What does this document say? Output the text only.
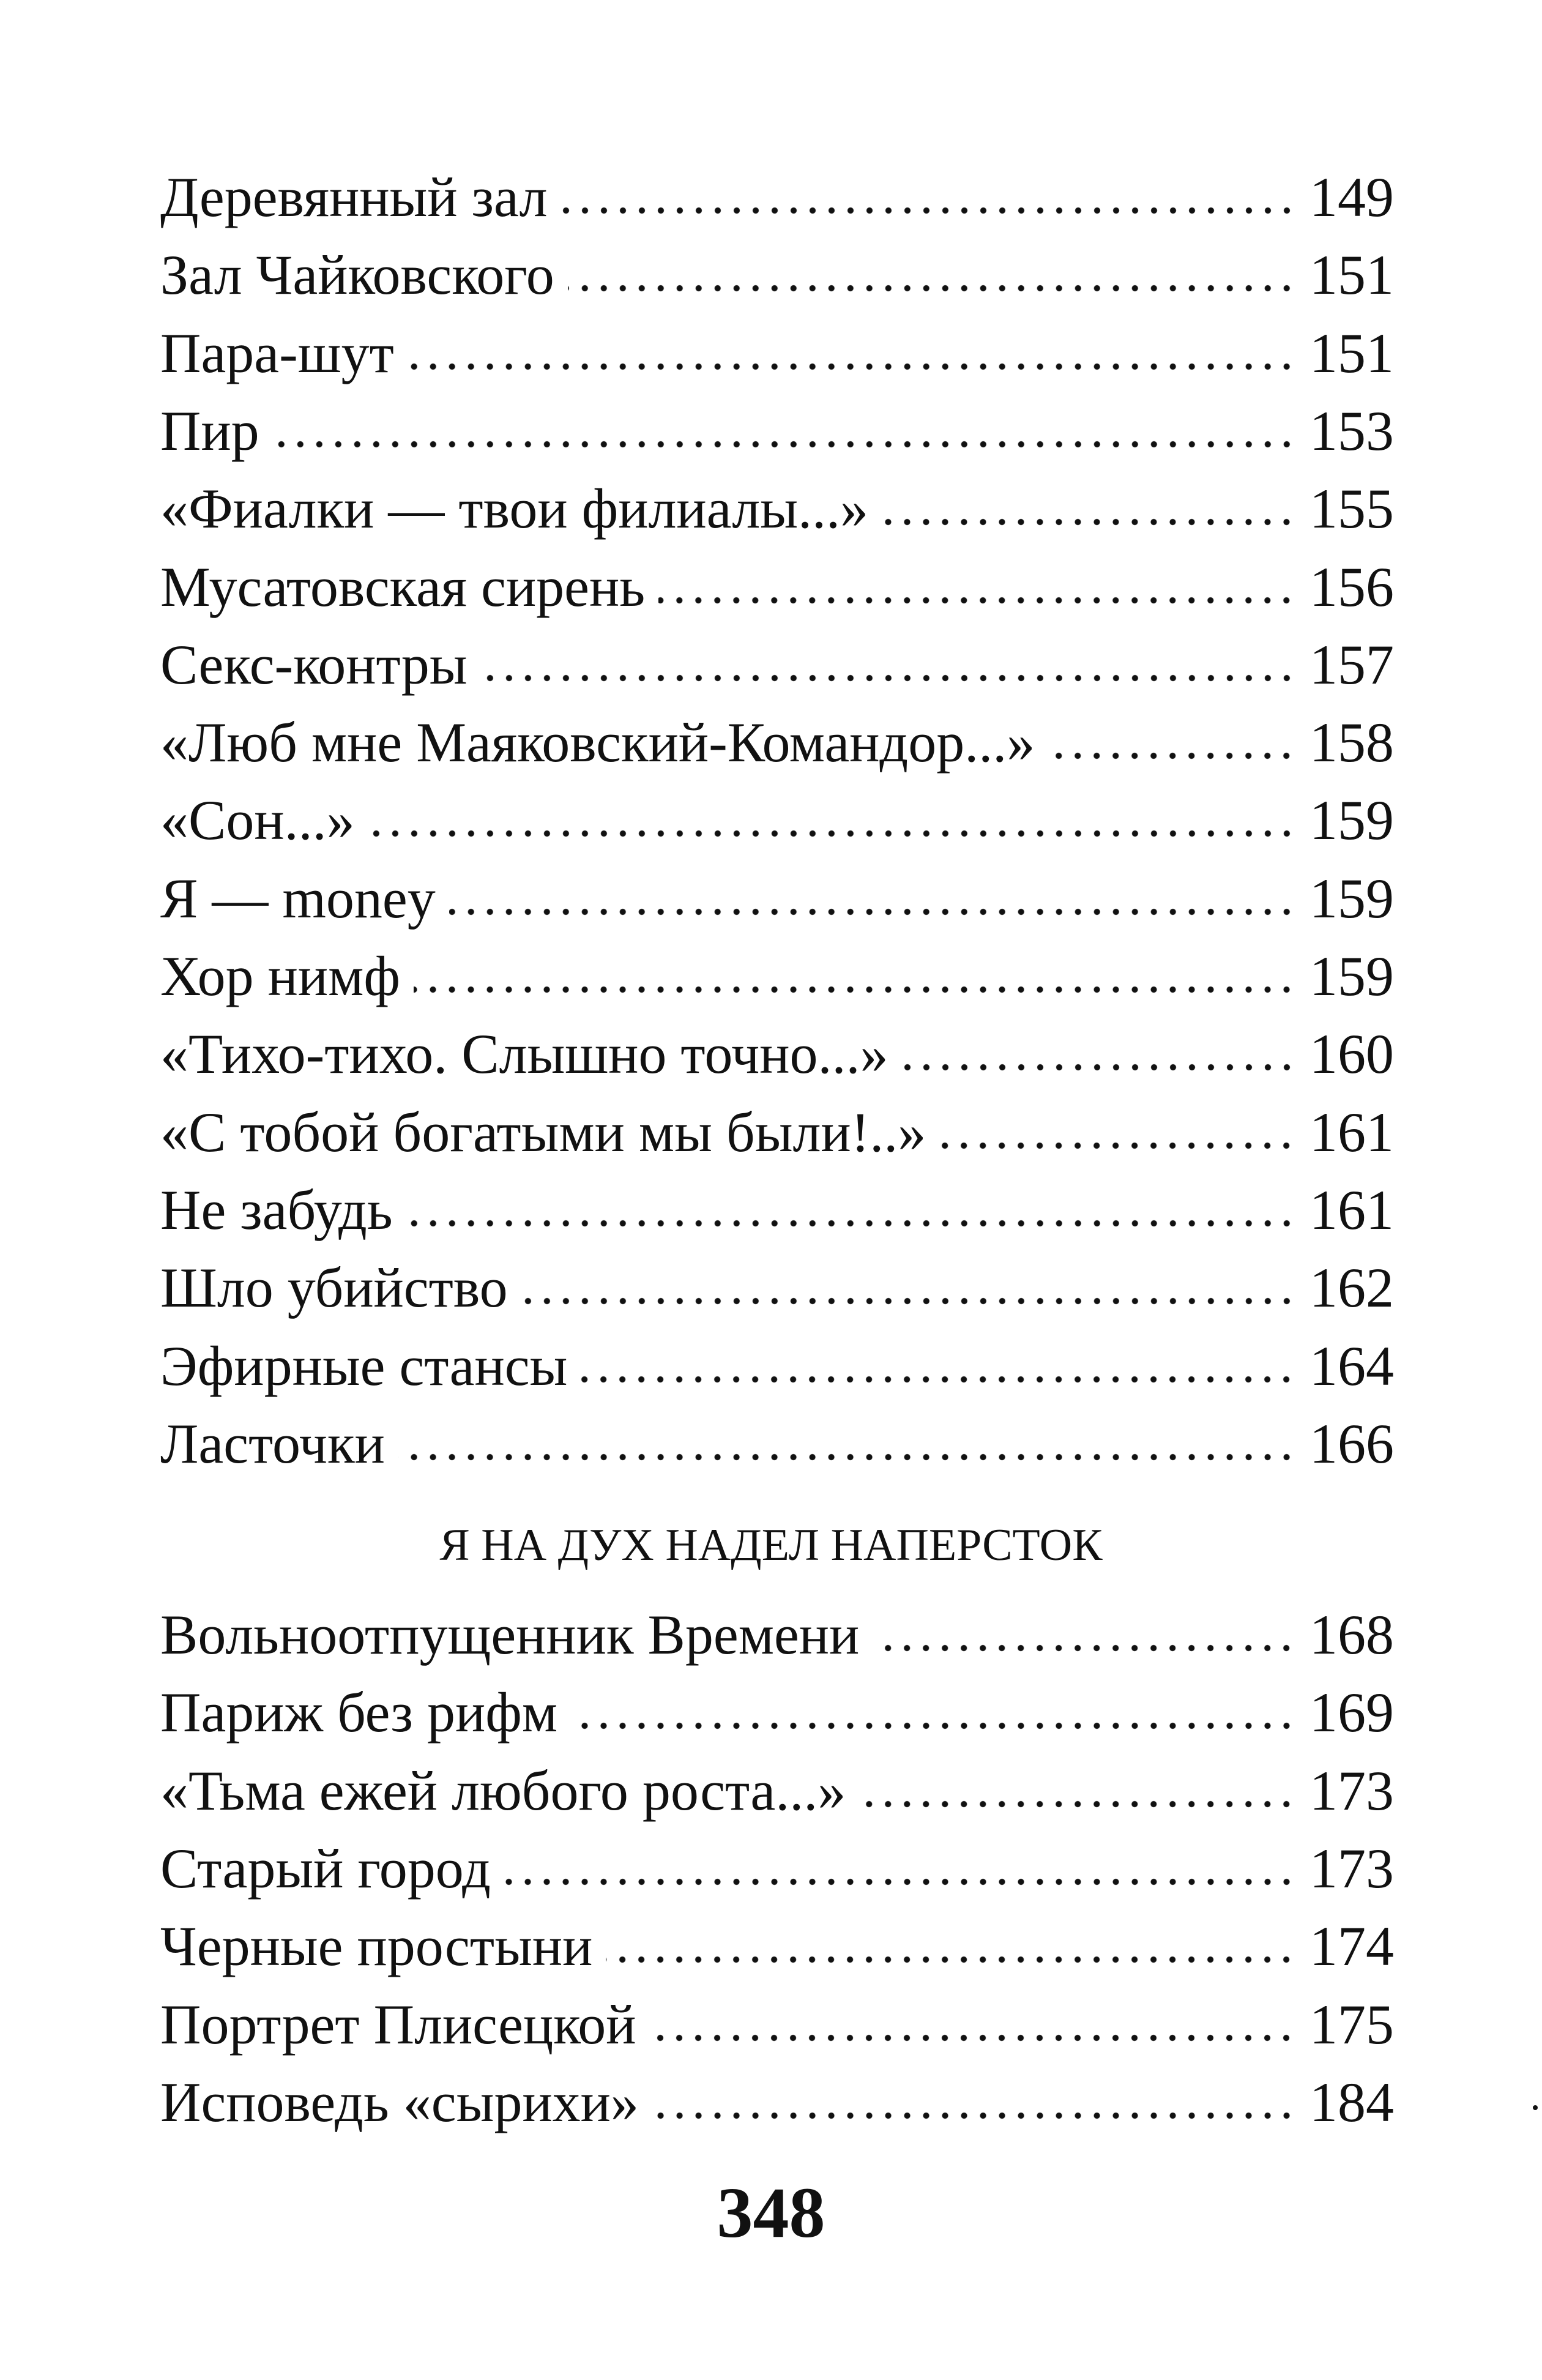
Деревянный зал	149
Зал Чайковского	151
Пара-шут	151
Пир	153
«Фиалки — твои филиалы...»	155
Мусатовская сирень	156
Секс-контры	157
«Люб мне Маяковский-Командор...»	158
«Сон...»	159
Я — money	159
Хор нимф	159
«Тихо-тихо. Слышно точно...»	160
«С тобой богатыми мы были!..»	161
Не забудь	161
Шло убийство	162
Эфирные стансы	164
Ласточки	166
Вольноотпущенник Времени	168
Париж без рифм	169
«Тьма ежей любого роста...»	173
Старый город	173
Черные простыни	174
Портрет Плисецкой	175
Исповедь «сырихи»	184
Я НА ДУХ НАДЕЛ НАПЕРСТОК
348
